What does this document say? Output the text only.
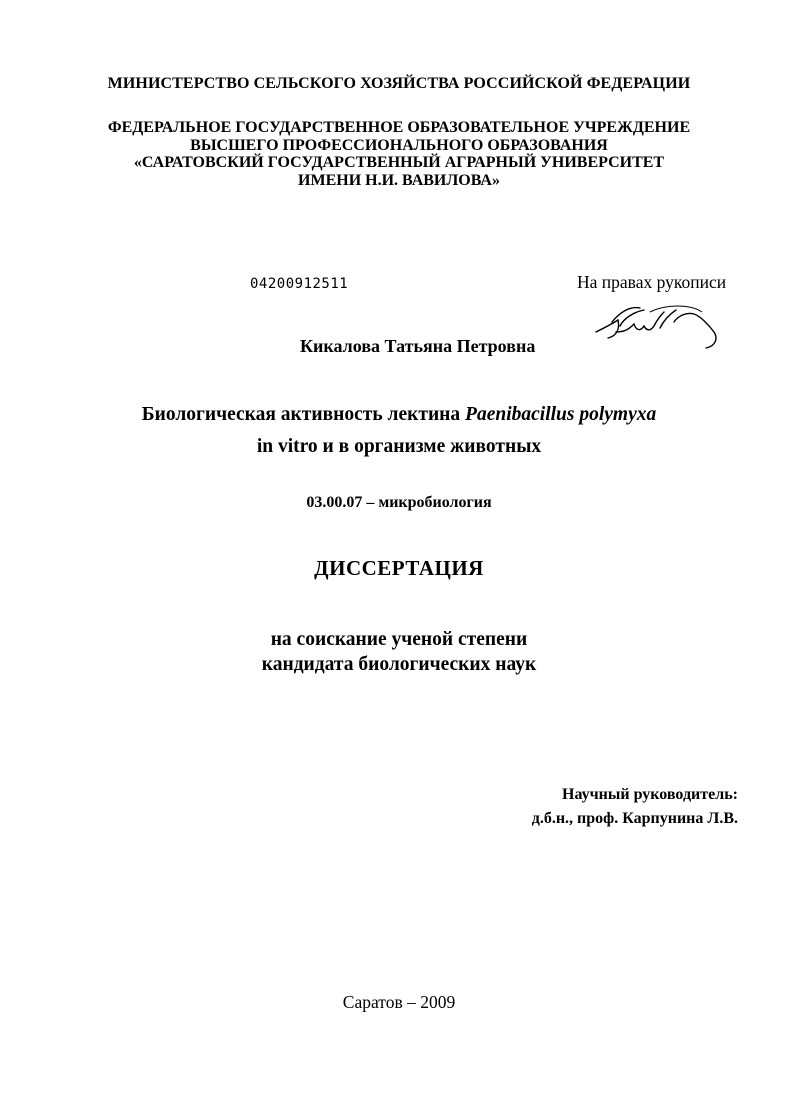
МИНИСТЕРСТВО СЕЛЬСКОГО ХОЗЯЙСТВА РОССИЙСКОЙ ФЕДЕРАЦИИ
ФЕДЕРАЛЬНОЕ ГОСУДАРСТВЕННОЕ ОБРАЗОВАТЕЛЬНОЕ УЧРЕЖДЕНИЕ
ВЫСШЕГО ПРОФЕССИОНАЛЬНОГО ОБРАЗОВАНИЯ
«САРАТОВСКИЙ ГОСУДАРСТВЕННЫЙ АГРАРНЫЙ УНИВЕРСИТЕТ
ИМЕНИ Н.И. ВАВИЛОВА»
04200912511	На правах рукописи
Кикалова Татьяна Петровна
Биологическая активность лектина Paenibacillus polymyxa
in vitro и в организме животных
03.00.07 – микробиология
ДИССЕРТАЦИЯ
на соискание ученой степени
кандидата биологических наук
Научный руководитель:
д.б.н., проф. Карпунина Л.В.
Саратов – 2009
